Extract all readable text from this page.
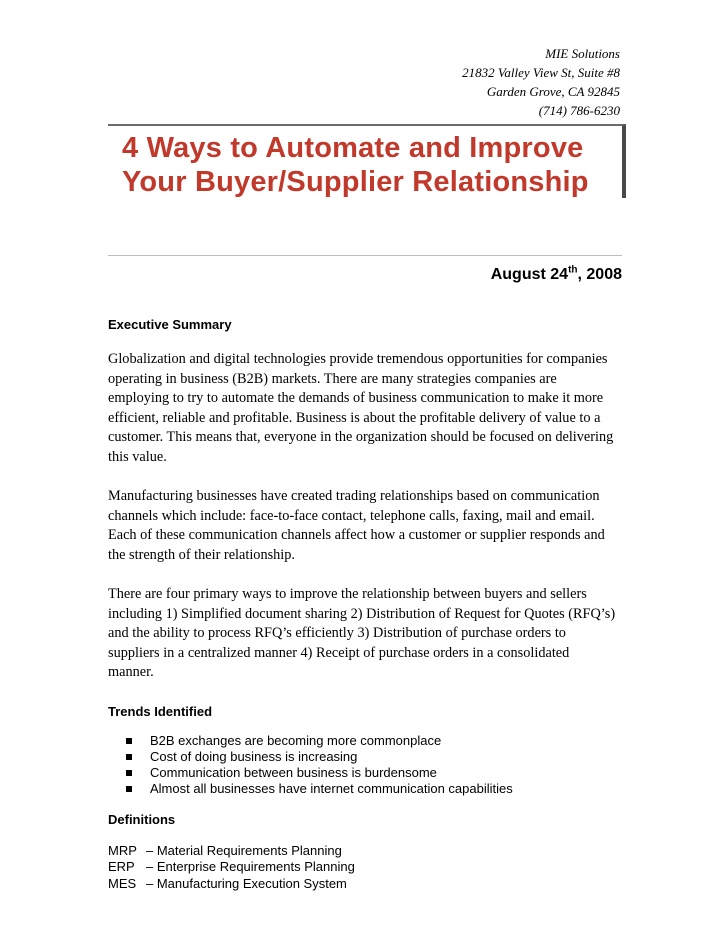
MIE Solutions
21832 Valley View St, Suite #8
Garden Grove, CA 92845
(714) 786-6230
4 Ways to Automate and Improve
Your Buyer/Supplier Relationship
August 24th, 2008

Executive Summary

Globalization and digital technologies provide tremendous opportunities for companies

operating in business (B2B) markets. There are many strategies companies are

employing to try to automate the demands of business communication to make it more

efficient, reliable and profitable. Business is about the profitable delivery of value to a

customer. This means that, everyone in the organization should be focused on delivering

this value.

Manufacturing businesses have created trading relationships based on communication

channels which include: face-to-face contact, telephone calls, faxing, mail and email.

Each of these communication channels affect how a customer or supplier responds and

the strength of their relationship.

There are four primary ways to improve the relationship between buyers and sellers

including 1) Simplified document sharing 2) Distribution of Request for Quotes (RFQ’s)

and the ability to process RFQ’s efficiently 3) Distribution of purchase orders to

suppliers in a centralized manner 4) Receipt of purchase orders in a consolidated

manner.

Trends Identified

B2B exchanges are becoming more commonplace
Cost of doing business is increasing
Communication between business is burdensome
Almost all businesses have internet communication capabilities

Definitions

MRP – Material Requirements Planning
ERP – Enterprise Requirements Planning
MES – Manufacturing Execution System
